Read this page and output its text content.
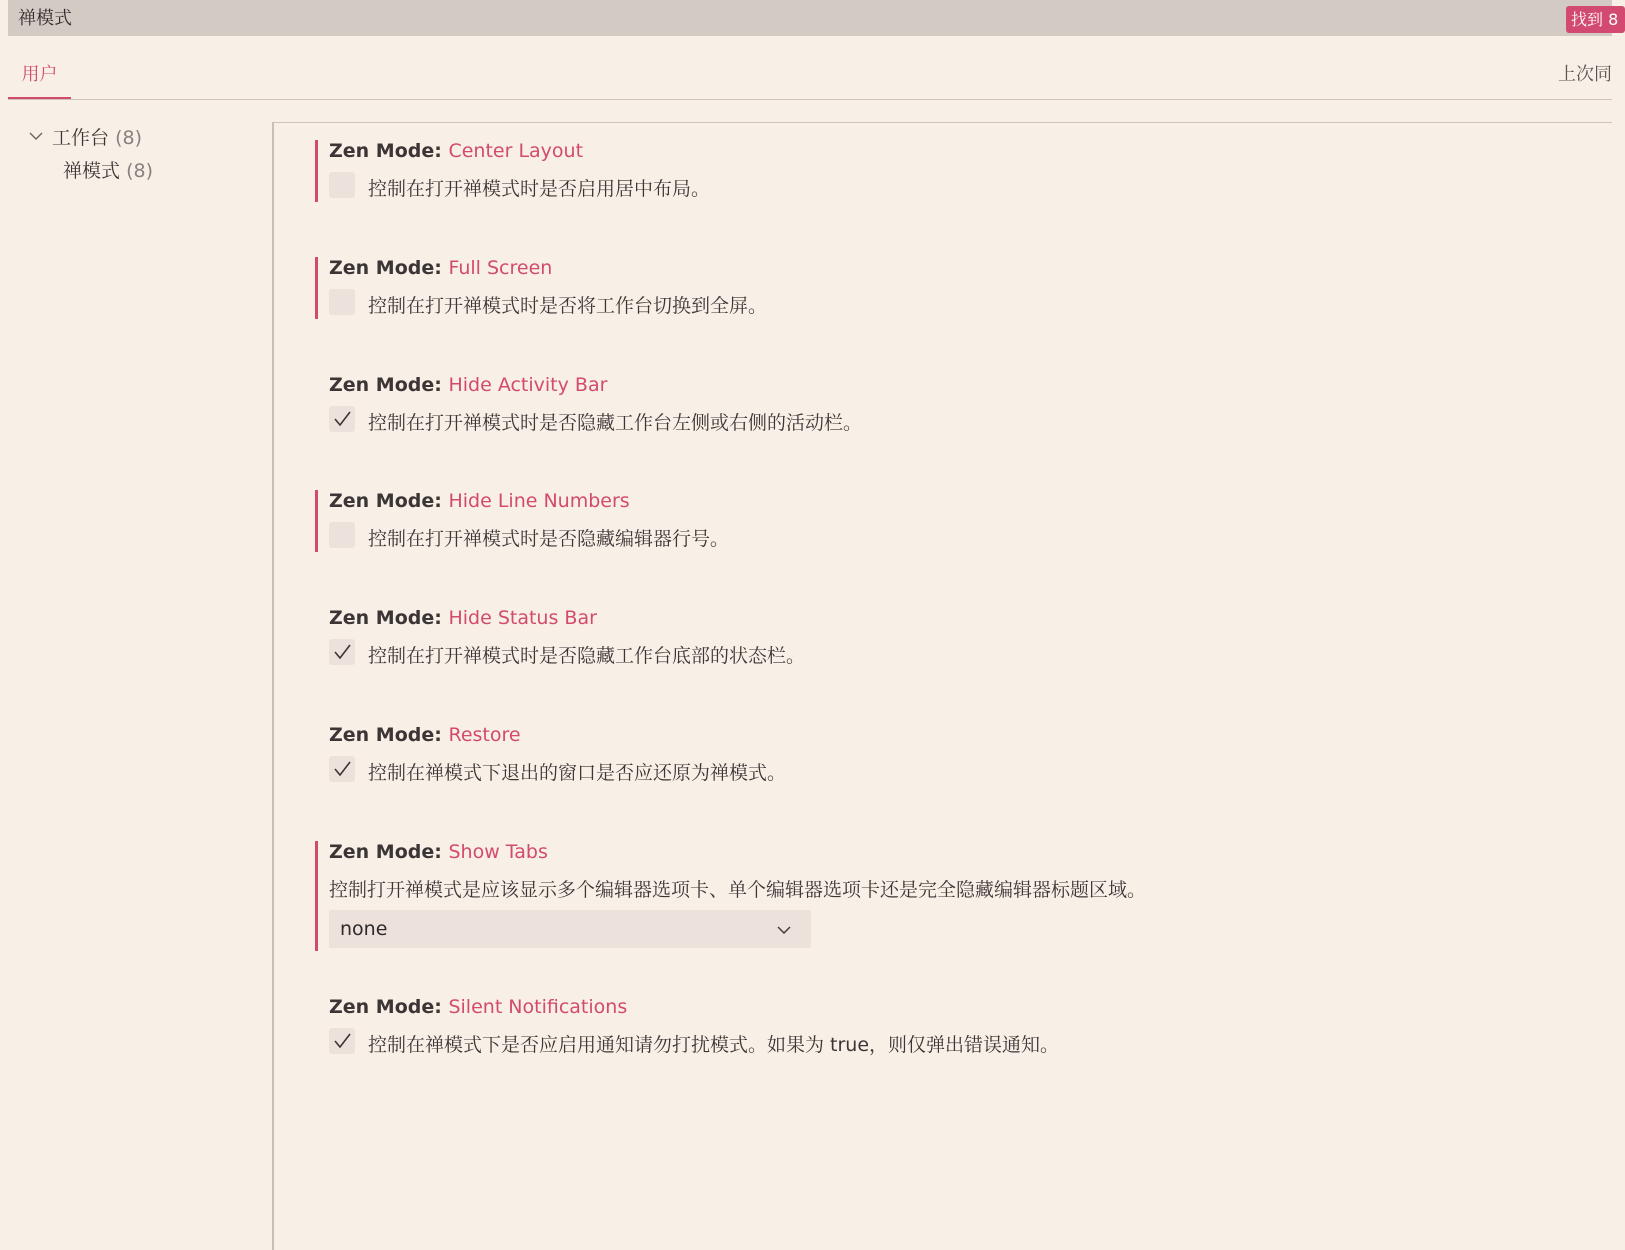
禅模式
找到 8
用户	上次同
工作台 (8)
禅模式 (8)
Zen Mode: Center Layout
控制在打开禅模式时是否启用居中布局。
Zen Mode: Full Screen
控制在打开禅模式时是否将工作台切换到全屏。
Zen Mode: Hide Activity Bar
控制在打开禅模式时是否隐藏工作台左侧或右侧的活动栏。
Zen Mode: Hide Line Numbers
控制在打开禅模式时是否隐藏编辑器行号。
Zen Mode: Hide Status Bar
控制在打开禅模式时是否隐藏工作台底部的状态栏。
Zen Mode: Restore
控制在禅模式下退出的窗口是否应还原为禅模式。
Zen Mode: Show Tabs
控制打开禅模式是应该显示多个编辑器选项卡、单个编辑器选项卡还是完全隐藏编辑器标题区域。
none
Zen Mode: Silent Notifications
控制在禅模式下是否应启用通知请勿打扰模式。如果为 true，则仅弹出错误通知。
